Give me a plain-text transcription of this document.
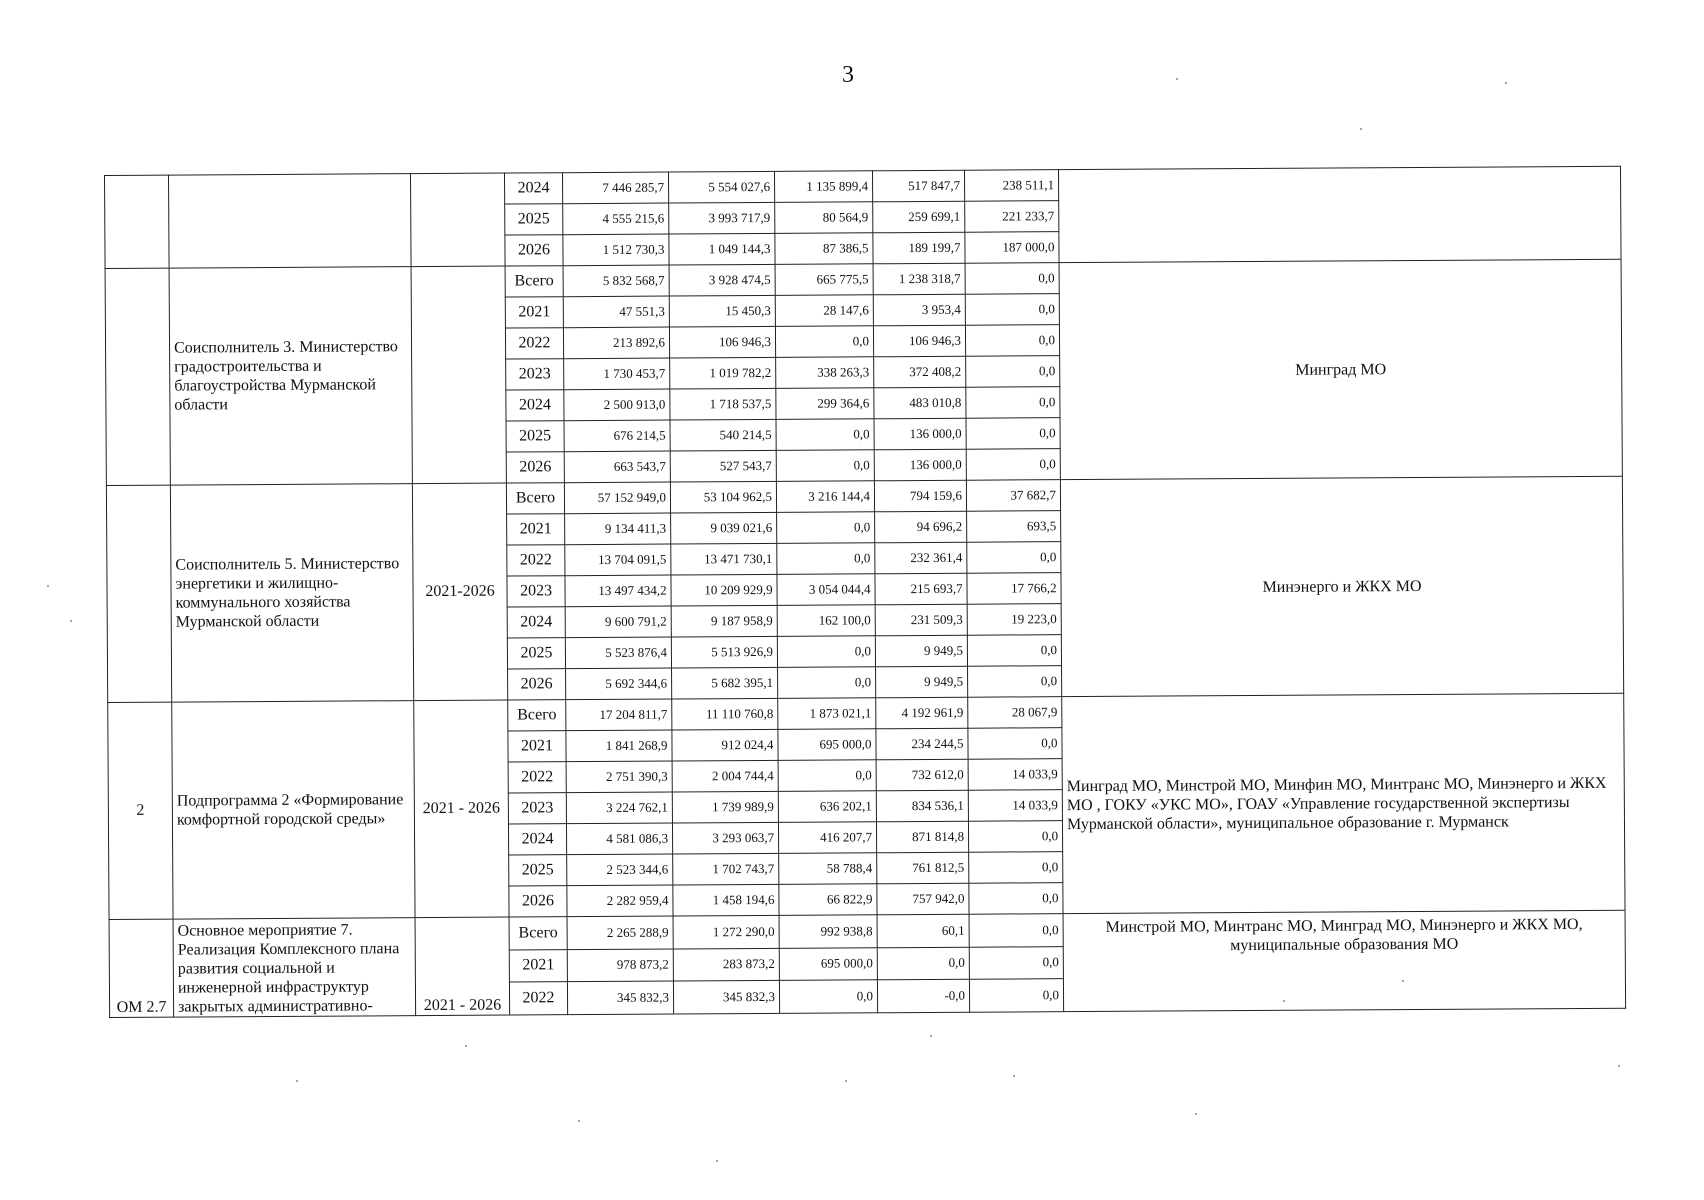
3
			2024	7 446 285,7	5 554 027,6	1 135 899,4	517 847,7	238 511,1	
			2025	4 555 215,6	3 993 717,9	80 564,9	259 699,1	221 233,7	
			2026	1 512 730,3	1 049 144,3	87 386,5	189 199,7	187 000,0	
	Соисполнитель 3. Министерство градостроительства и благоустройства Мурманской области		Всего	5 832 568,7	3 928 474,5	665 775,5	1 238 318,7	0,0	Минград МО
			2021	47 551,3	15 450,3	28 147,6	3 953,4	0,0	
			2022	213 892,6	106 946,3	0,0	106 946,3	0,0	
			2023	1 730 453,7	1 019 782,2	338 263,3	372 408,2	0,0	
			2024	2 500 913,0	1 718 537,5	299 364,6	483 010,8	0,0	
			2025	676 214,5	540 214,5	0,0	136 000,0	0,0	
			2026	663 543,7	527 543,7	0,0	136 000,0	0,0	
	Соисполнитель 5. Министерство энергетики и жилищно-коммунального хозяйства Мурманской области	2021-2026	Всего	57 152 949,0	53 104 962,5	3 216 144,4	794 159,6	37 682,7	Минэнерго и ЖКХ МО
			2021	9 134 411,3	9 039 021,6	0,0	94 696,2	693,5	
			2022	13 704 091,5	13 471 730,1	0,0	232 361,4	0,0	
			2023	13 497 434,2	10 209 929,9	3 054 044,4	215 693,7	17 766,2	
			2024	9 600 791,2	9 187 958,9	162 100,0	231 509,3	19 223,0	
			2025	5 523 876,4	5 513 926,9	0,0	9 949,5	0,0	
			2026	5 692 344,6	5 682 395,1	0,0	9 949,5	0,0	
2	Подпрограмма 2 «Формирование комфортной городской среды»	2021 - 2026	Всего	17 204 811,7	11 110 760,8	1 873 021,1	4 192 961,9	28 067,9	Минград МО, Минстрой МО, Минфин МО, Минтранс МО, Минэнерго и ЖКХ МО , ГОКУ «УКС МО», ГОАУ «Управление государственной экспертизы Мурманской области», муниципальное образование г. Мурманск
			2021	1 841 268,9	912 024,4	695 000,0	234 244,5	0,0	
			2022	2 751 390,3	2 004 744,4	0,0	732 612,0	14 033,9	
			2023	3 224 762,1	1 739 989,9	636 202,1	834 536,1	14 033,9	
			2024	4 581 086,3	3 293 063,7	416 207,7	871 814,8	0,0	
			2025	2 523 344,6	1 702 743,7	58 788,4	761 812,5	0,0	
			2026	2 282 959,4	1 458 194,6	66 822,9	757 942,0	0,0	
ОМ 2.7	Основное мероприятие 7. Реализация Комплексного плана развития социальной и инженерной инфраструктур закрытых административно-	2021 - 2026	Всего	2 265 288,9	1 272 290,0	992 938,8	60,1	0,0	Минстрой МО, Минтранс МО, Минград МО, Минэнерго и ЖКХ МО, муниципальные образования МО
			2021	978 873,2	283 873,2	695 000,0	0,0	0,0	
			2022	345 832,3	345 832,3	0,0	-0,0	0,0	
